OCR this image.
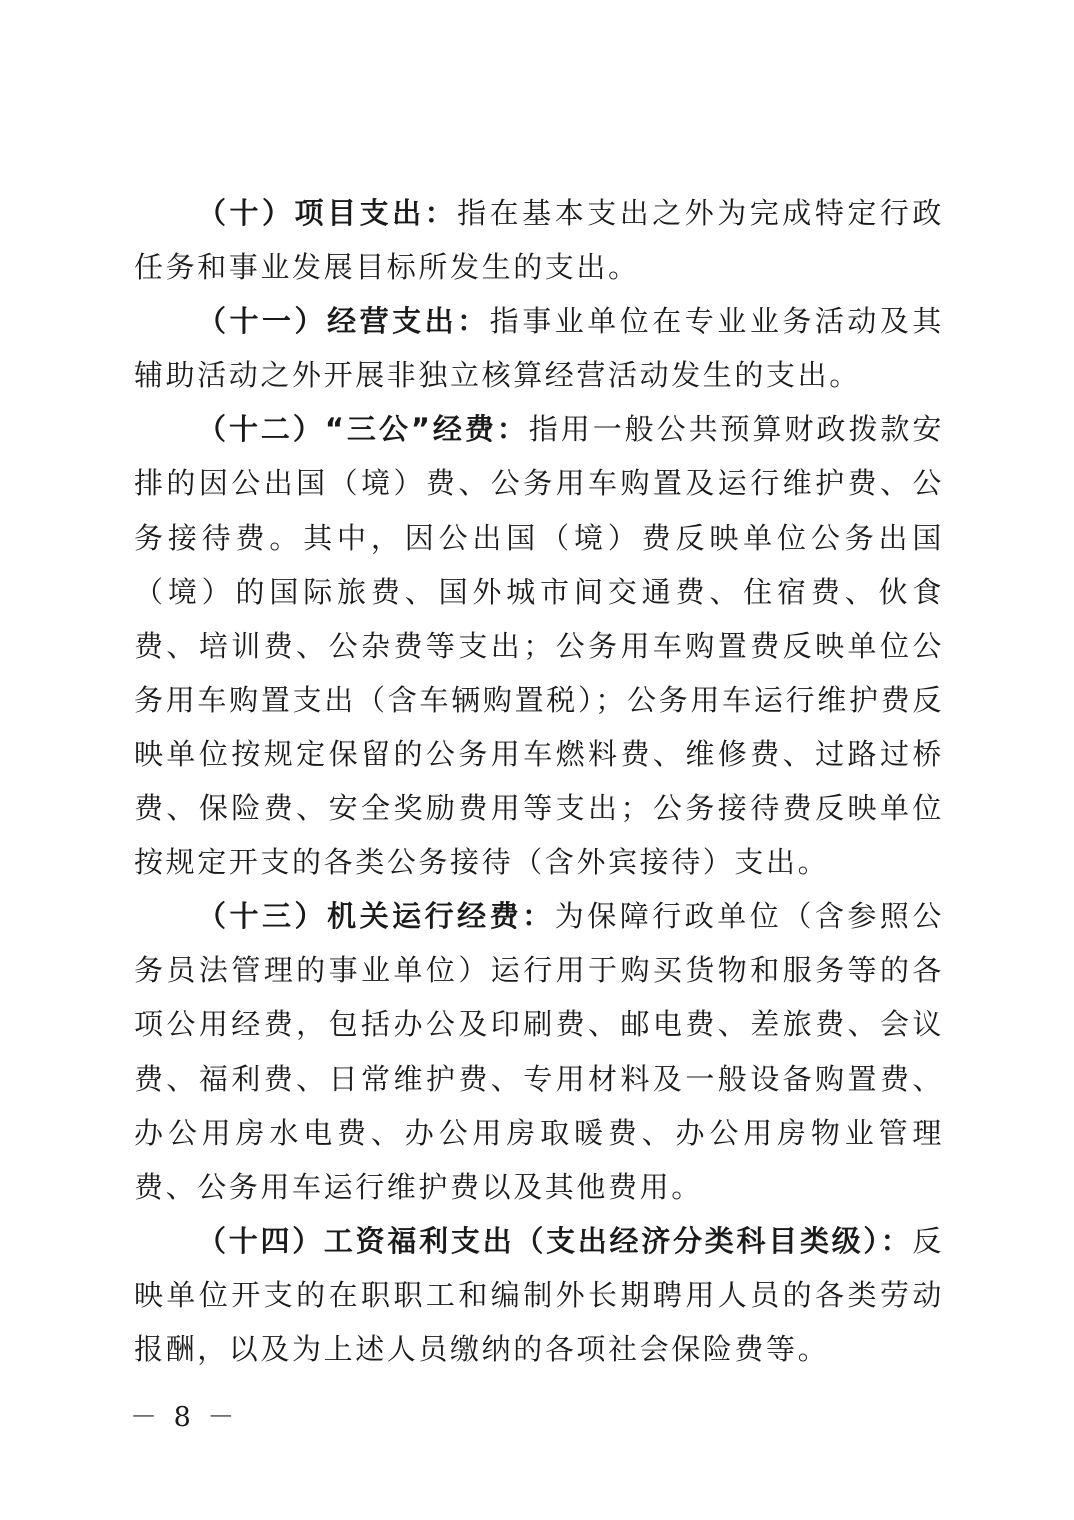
（十）项目支出：指在基本支出之外为完成特定行政任务和事业发展目标所发生的支出。

（十一）经营支出：指事业单位在专业业务活动及其辅助活动之外开展非独立核算经营活动发生的支出。

（十二）“三公”经费：指用一般公共预算财政拨款安排的因公出国（境）费、公务用车购置及运行维护费、公务接待费。其中，因公出国（境）费反映单位公务出国（境）的国际旅费、国外城市间交通费、住宿费、伙食费、培训费、公杂费等支出；公务用车购置费反映单位公务用车购置支出（含车辆购置税）；公务用车运行维护费反映单位按规定保留的公务用车燃料费、维修费、过路过桥费、保险费、安全奖励费用等支出；公务接待费反映单位按规定开支的各类公务接待（含外宾接待）支出。

（十三）机关运行经费：为保障行政单位（含参照公务员法管理的事业单位）运行用于购买货物和服务等的各项公用经费，包括办公及印刷费、邮电费、差旅费、会议费、福利费、日常维护费、专用材料及一般设备购置费、办公用房水电费、办公用房取暖费、办公用房物业管理费、公务用车运行维护费以及其他费用。

（十四）工资福利支出（支出经济分类科目类级）：反映单位开支的在职职工和编制外长期聘用人员的各类劳动报酬，以及为上述人员缴纳的各项社会保险费等。

－ 8 －
